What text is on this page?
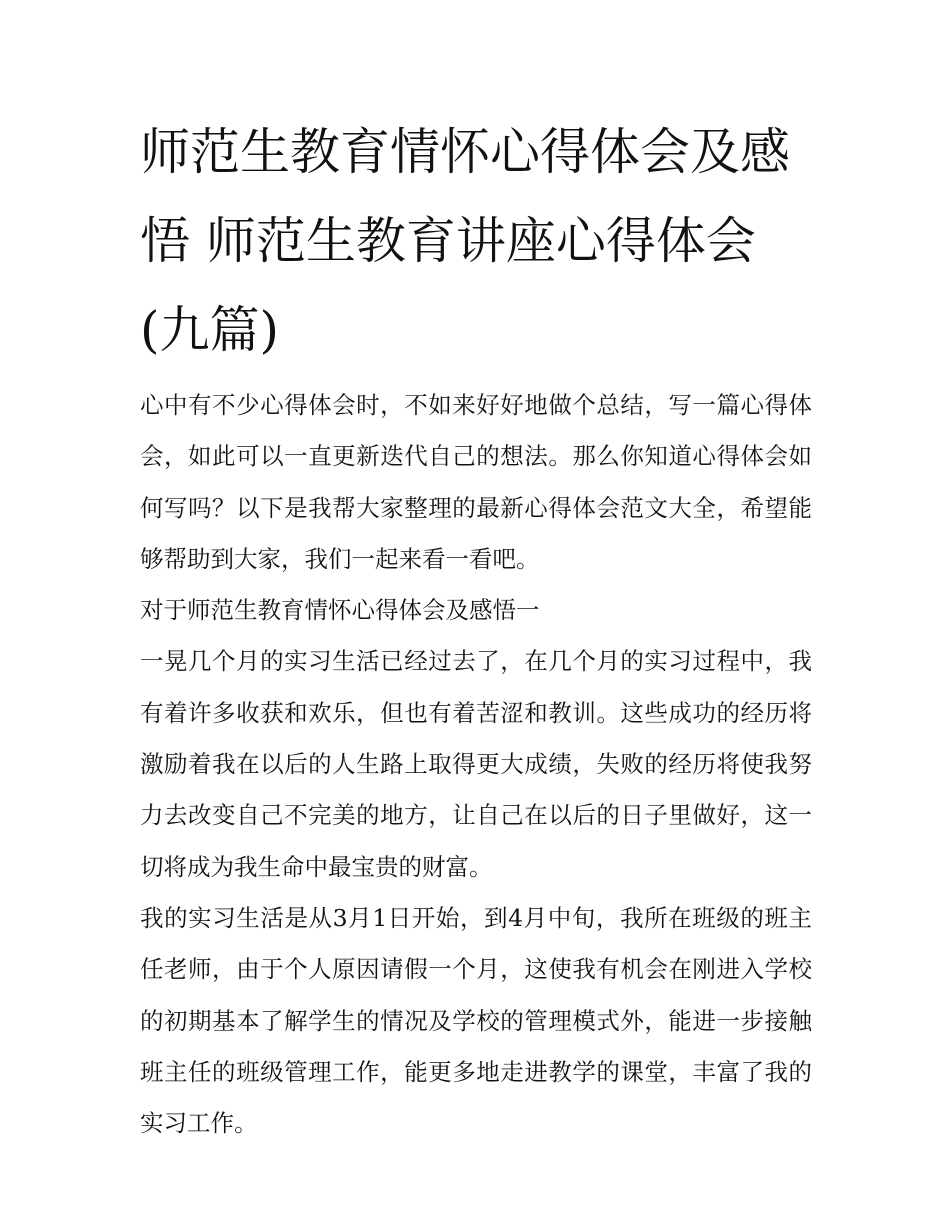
师范生教育情怀心得体会及感悟 师范生教育讲座心得体会(九篇)

心中有不少心得体会时，不如来好好地做个总结，写一篇心得体会，如此可以一直更新迭代自己的想法。那么你知道心得体会如何写吗？以下是我帮大家整理的最新心得体会范文大全，希望能够帮助到大家，我们一起来看一看吧。

对于师范生教育情怀心得体会及感悟一

一晃几个月的实习生活已经过去了，在几个月的实习过程中，我有着许多收获和欢乐，但也有着苦涩和教训。这些成功的经历将激励着我在以后的人生路上取得更大成绩，失败的经历将使我努力去改变自己不完美的地方，让自己在以后的日子里做好，这一切将成为我生命中最宝贵的财富。

我的实习生活是从3月1日开始，到4月中旬，我所在班级的班主任老师，由于个人原因请假一个月，这使我有机会在刚进入学校的初期基本了解学生的情况及学校的管理模式外，能进一步接触班主任的班级管理工作，能更多地走进教学的课堂，丰富了我的实习工作。
